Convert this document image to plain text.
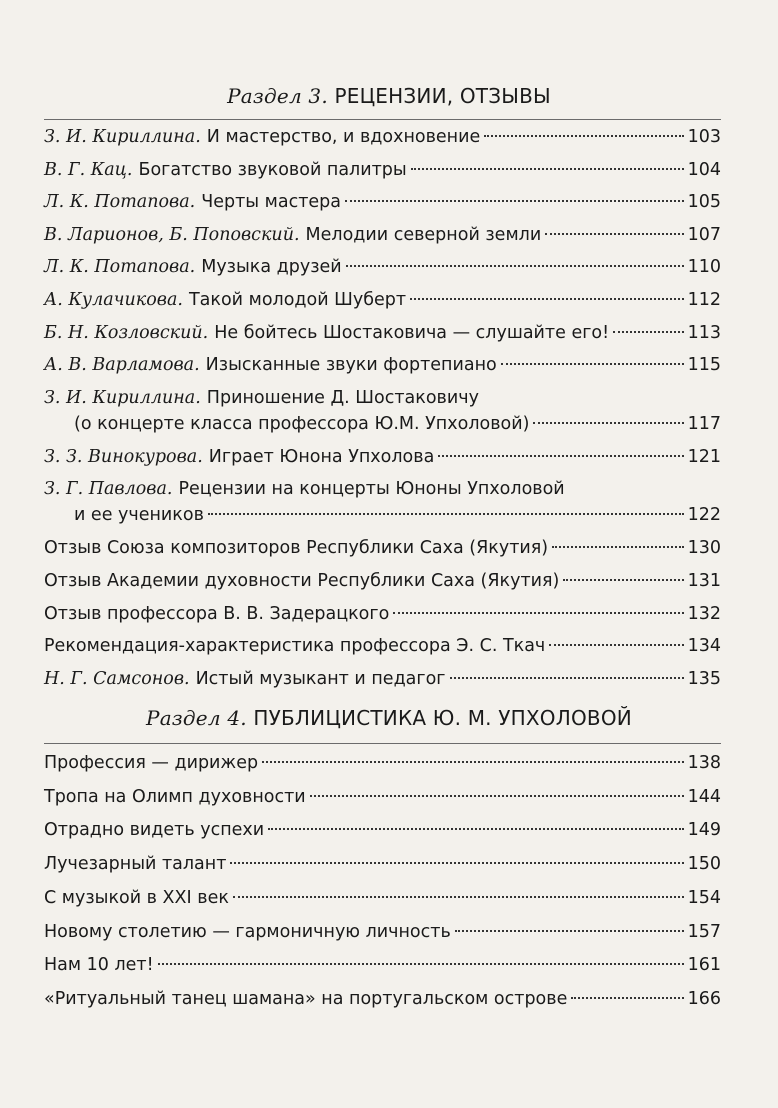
Раздел 3. РЕЦЕНЗИИ, ОТЗЫВЫ
З. И. Кириллина. И мастерство, и вдохновение	103
В. Г. Кац. Богатство звуковой палитры	104
Л. К. Потапова. Черты мастера	105
В. Ларионов, Б. Поповский. Мелодии северной земли	107
Л. К. Потапова. Музыка друзей	110
А. Кулачикова. Такой молодой Шуберт	112
Б. Н. Козловский. Не бойтесь Шостаковича — слушайте его!	113
А. В. Варламова. Изысканные звуки фортепиано	115
З. И. Кириллина. Приношение Д. Шостаковичу
(о концерте класса профессора Ю.М. Упхоловой)	117
З. З. Винокурова. Играет Юнона Упхолова	121
З. Г. Павлова. Рецензии на концерты Юноны Упхоловой
и ее учеников	122
Отзыв Союза композиторов Республики Саха (Якутия)	130
Отзыв Академии духовности Республики Саха (Якутия)	131
Отзыв профессора В. В. Задерацкого	132
Рекомендация-характеристика профессора Э. С. Ткач	134
Н. Г. Самсонов. Истый музыкант и педагог	135
Раздел 4. ПУБЛИЦИСТИКА Ю. М. УПХОЛОВОЙ
Профессия — дирижер	138
Тропа на Олимп духовности	144
Отрадно видеть успехи	149
Лучезарный талант	150
С музыкой в XXI век	154
Новому столетию — гармоничную личность	157
Нам 10 лет!	161
«Ритуальный танец шамана» на португальском острове	166
